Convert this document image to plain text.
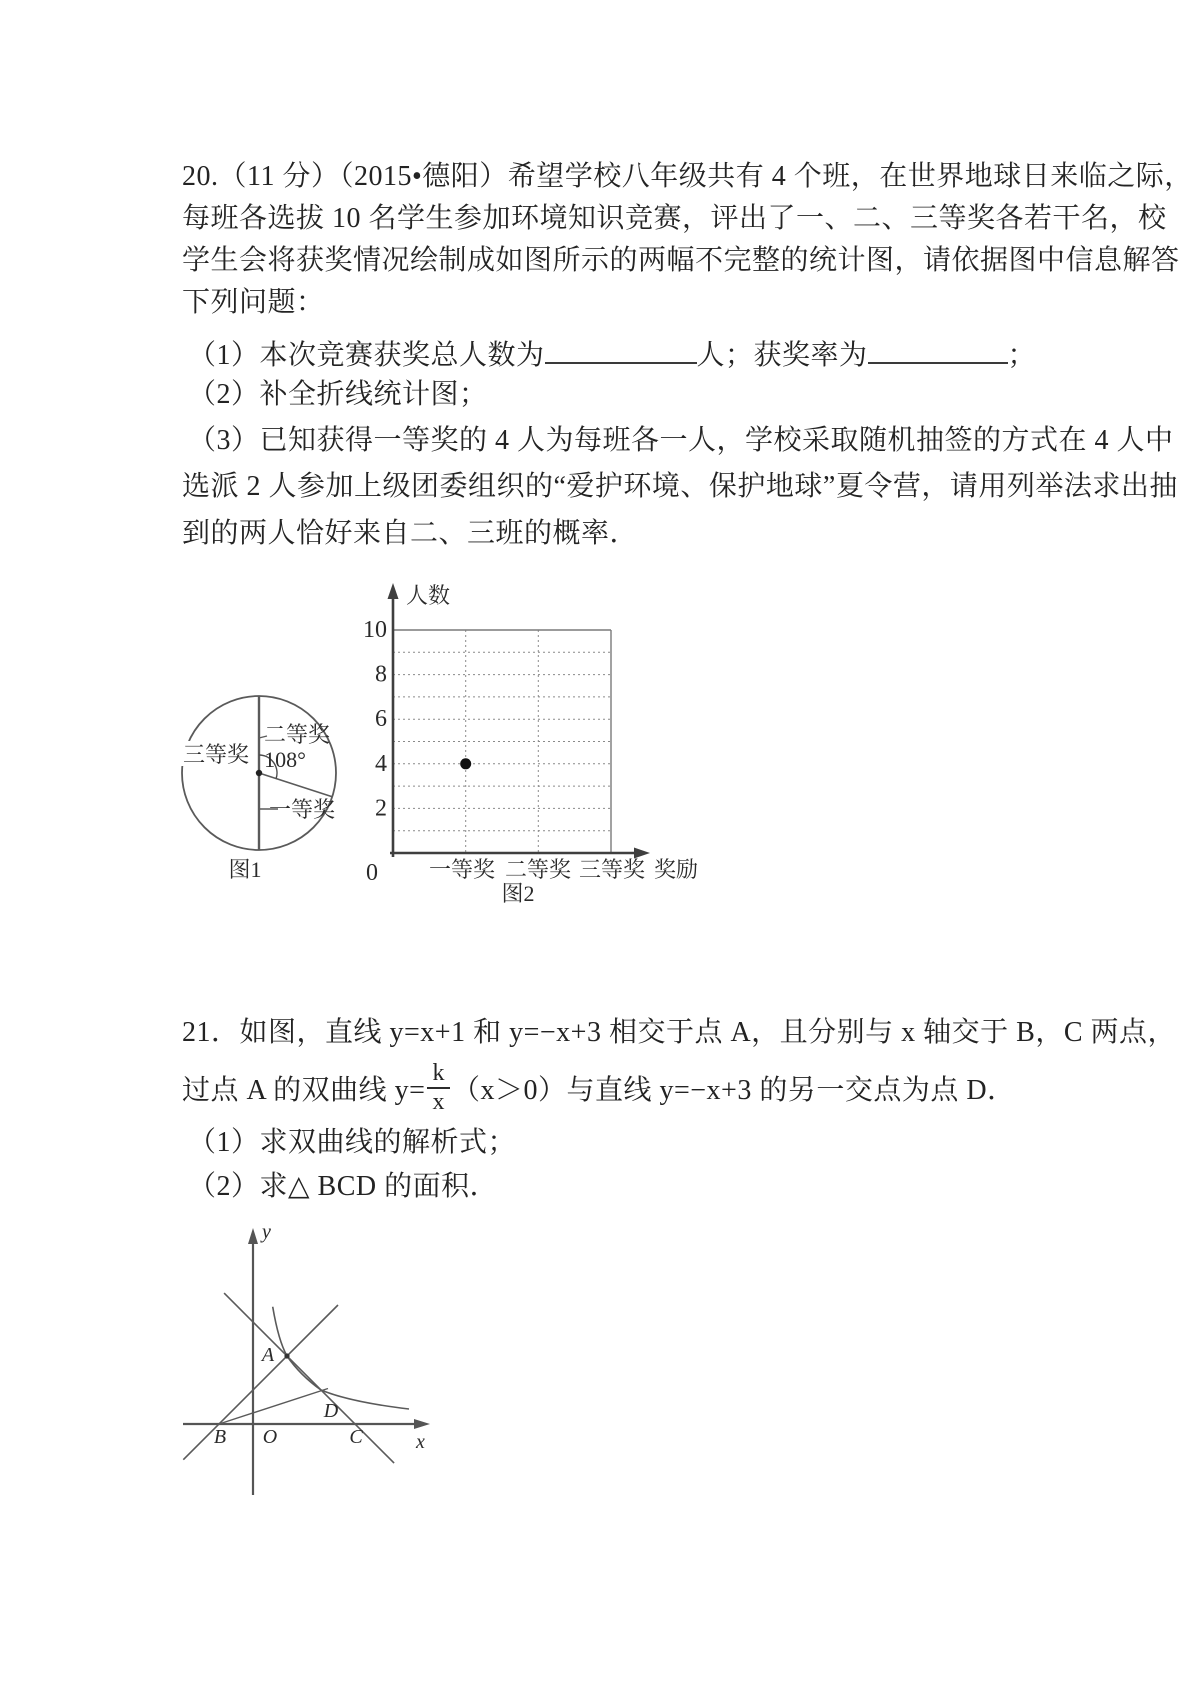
20.（11 分）（2015•德阳）希望学校八年级共有 4 个班，在世界地球日来临之际，
每班各选拔 10 名学生参加环境知识竞赛，评出了一、二、三等奖各若干名，校
学生会将获奖情况绘制成如图所示的两幅不完整的统计图，请依据图中信息解答
下列问题：
（1）本次竞赛获奖总人数为	人；获奖率为	；
（2）补全折线统计图；
（3）已知获得一等奖的 4 人为每班各一人，学校采取随机抽签的方式在 4 人中
选派 2 人参加上级团委组织的“爱护环境、保护地球”夏令营，请用列举法求出抽
到的两人恰好来自二、三班的概率．
三等奖
二等奖
108°
一等奖
图1
人数
10
8
6
4
2
0 一等奖 二等奖 三等奖 奖励
图2
21．如图，直线 y=x+1 和 y=−x+3 相交于点 A，且分别与 x 轴交于 B，C 两点，
过点 A 的双曲线 $y= \frac{k}{x} (x>0)$与直线 y=−x+3 的另一交点为点 D．
（1）求双曲线的解析式；
（2）求△ BCD 的面积．
y
x
A
B O	C
D
